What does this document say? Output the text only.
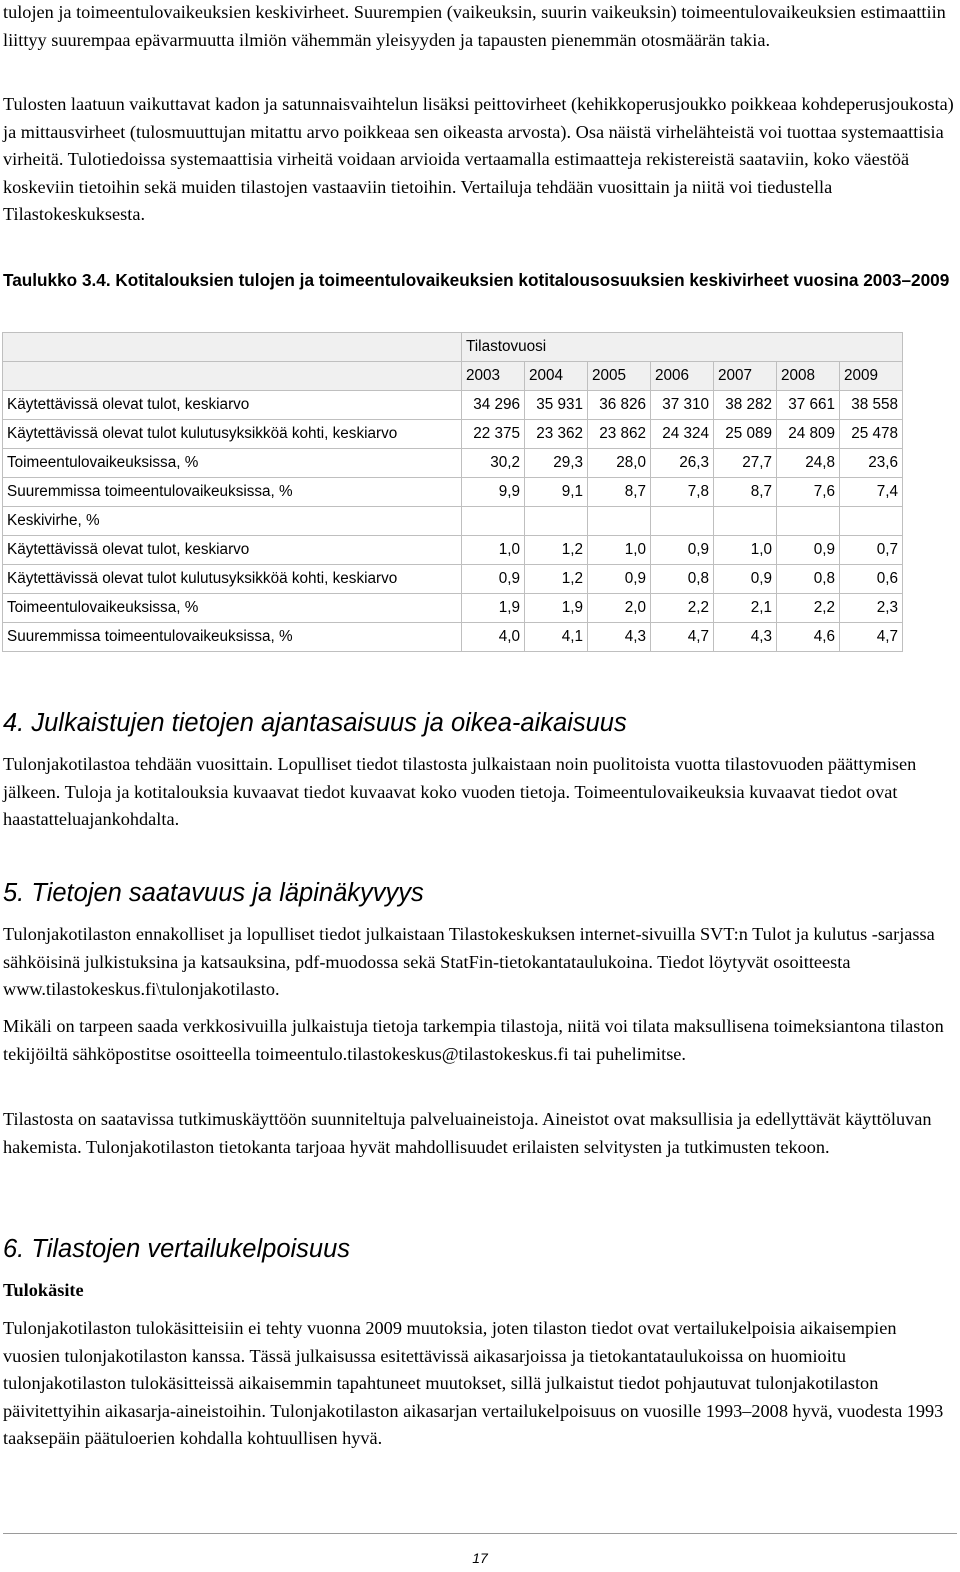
tulojen ja toimeentulovaikeuksien keskivirheet. Suurempien (vaikeuksin, suurin vaikeuksin) toimeentulovaikeuksien estimaattiin liittyy suurempaa epävarmuutta ilmiön vähemmän yleisyyden ja tapausten pienemmän otosmäärän takia.

Tulosten laatuun vaikuttavat kadon ja satunnaisvaihtelun lisäksi peittovirheet (kehikkoperusjoukko poikkeaa kohdeperusjoukosta) ja mittausvirheet (tulosmuuttujan mitattu arvo poikkeaa sen oikeasta arvosta). Osa näistä virhelähteistä voi tuottaa systemaattisia virheitä. Tulotiedoissa systemaattisia virheitä voidaan arvioida vertaamalla estimaatteja rekistereistä saataviin, koko väestöä koskeviin tietoihin sekä muiden tilastojen vastaaviin tietoihin. Vertailuja tehdään vuosittain ja niitä voi tiedustella Tilastokeskuksesta.

Taulukko 3.4. Kotitalouksien tulojen ja toimeentulovaikeuksien kotitalousosuuksien keskivirheet vuosina 2003–2009

	Tilastovuosi						
	2003	2004	2005	2006	2007	2008	2009
Käytettävissä olevat tulot, keskiarvo	34 296	35 931	36 826	37 310	38 282	37 661	38 558
Käytettävissä olevat tulot kulutusyksikköä kohti, keskiarvo	22 375	23 362	23 862	24 324	25 089	24 809	25 478
Toimeentulovaikeuksissa, %	30,2	29,3	28,0	26,3	27,7	24,8	23,6
Suuremmissa toimeentulovaikeuksissa, %	9,9	9,1	8,7	7,8	8,7	7,6	7,4
Keskivirhe, %							
Käytettävissä olevat tulot, keskiarvo	1,0	1,2	1,0	0,9	1,0	0,9	0,7
Käytettävissä olevat tulot kulutusyksikköä kohti, keskiarvo	0,9	1,2	0,9	0,8	0,9	0,8	0,6
Toimeentulovaikeuksissa, %	1,9	1,9	2,0	2,2	2,1	2,2	2,3
Suuremmissa toimeentulovaikeuksissa, %	4,0	4,1	4,3	4,7	4,3	4,6	4,7
4. Julkaistujen tietojen ajantasaisuus ja oikea-aikaisuus

Tulonjakotilastoa tehdään vuosittain. Lopulliset tiedot tilastosta julkaistaan noin puolitoista vuotta tilastovuoden päättymisen jälkeen. Tuloja ja kotitalouksia kuvaavat tiedot kuvaavat koko vuoden tietoja. Toimeentulovaikeuksia kuvaavat tiedot ovat haastatteluajankohdalta.

5. Tietojen saatavuus ja läpinäkyvyys

Tulonjakotilaston ennakolliset ja lopulliset tiedot julkaistaan Tilastokeskuksen internet-sivuilla SVT:n Tulot ja kulutus -sarjassa sähköisinä julkistuksina ja katsauksina, pdf-muodossa sekä StatFin-tietokantataulukoina. Tiedot löytyvät osoitteesta www.tilastokeskus.fi\tulonjakotilasto.

Mikäli on tarpeen saada verkkosivuilla julkaistuja tietoja tarkempia tilastoja, niitä voi tilata maksullisena toimeksiantona tilaston tekijöiltä sähköpostitse osoitteella toimeentulo.tilastokeskus@tilastokeskus.fi tai puhelimitse.

Tilastosta on saatavissa tutkimuskäyttöön suunniteltuja palveluaineistoja. Aineistot ovat maksullisia ja edellyttävät käyttöluvan hakemista. Tulonjakotilaston tietokanta tarjoaa hyvät mahdollisuudet erilaisten selvitysten ja tutkimusten tekoon.

6. Tilastojen vertailukelpoisuus
Tulokäsite

Tulonjakotilaston tulokäsitteisiin ei tehty vuonna 2009 muutoksia, joten tilaston tiedot ovat vertailukelpoisia aikaisempien vuosien tulonjakotilaston kanssa. Tässä julkaisussa esitettävissä aikasarjoissa ja tietokantataulukoissa on huomioitu tulonjakotilaston tulokäsitteissä aikaisemmin tapahtuneet muutokset, sillä julkaistut tiedot pohjautuvat tulonjakotilaston päivitettyihin aikasarja-aineistoihin. Tulonjakotilaston aikasarjan vertailukelpoisuus on vuosille 1993–2008 hyvä, vuodesta 1993 taaksepäin päätuloerien kohdalla kohtuullisen hyvä.

17
